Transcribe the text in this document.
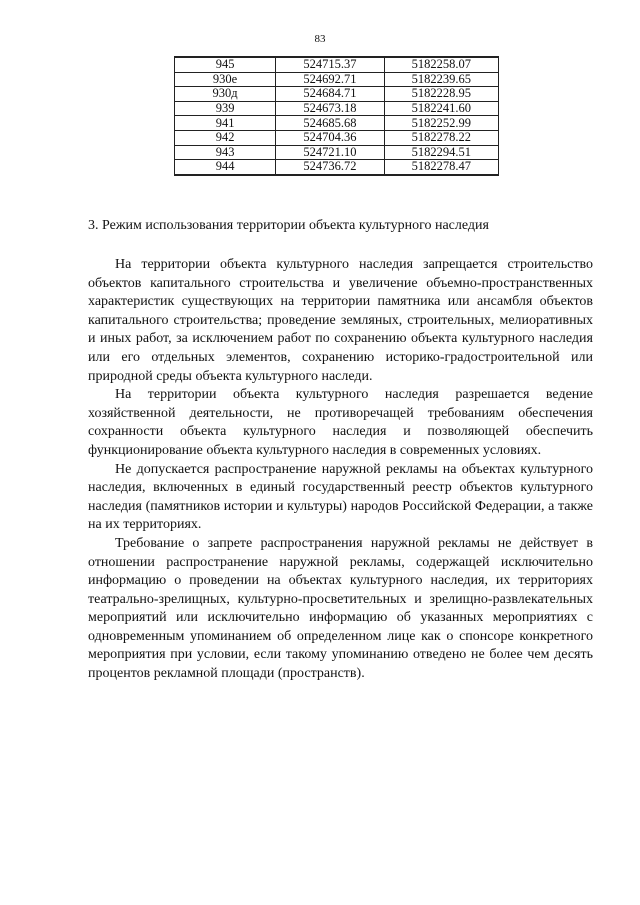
83
945	524715.37	5182258.07
930е	524692.71	5182239.65
930д	524684.71	5182228.95
939	524673.18	5182241.60
941	524685.68	5182252.99
942	524704.36	5182278.22
943	524721.10	5182294.51
944	524736.72	5182278.47
3. Режим использования территории объекта культурного наследия

На территории объекта культурного наследия запрещается строительство объектов капитального строительства и увеличение объемно-пространственных характеристик существующих на территории памятника или ансамбля объектов капитального строительства; проведение земляных, строительных, мелиоративных и иных работ, за исключением работ по сохранению объекта культурного наследия или его отдельных элементов, сохранению историко-градостроительной или природной среды объекта культурного наследи.

На территории объекта культурного наследия разрешается ведение хозяйственной деятельности, не противоречащей требованиям обеспечения сохранности объекта культурного наследия и позволяющей обеспечить функционирование объекта культурного наследия в современных условиях.

Не допускается распространение наружной рекламы на объектах культурного наследия, включенных в единый государственный реестр объектов культурного наследия (памятников истории и культуры) народов Российской Федерации, а также на их территориях.

Требование о запрете распространения наружной рекламы не действует в отношении распространение наружной рекламы, содержащей исключительно информацию о проведении на объектах культурного наследия, их территориях театрально-зрелищных, культурно-просветительных и зрелищно-развлекательных мероприятий или исключительно информацию об указанных мероприятиях с одновременным упоминанием об определенном лице как о спонсоре конкретного мероприятия при условии, если такому упоминанию отведено не более чем десять процентов рекламной площади (пространств).
